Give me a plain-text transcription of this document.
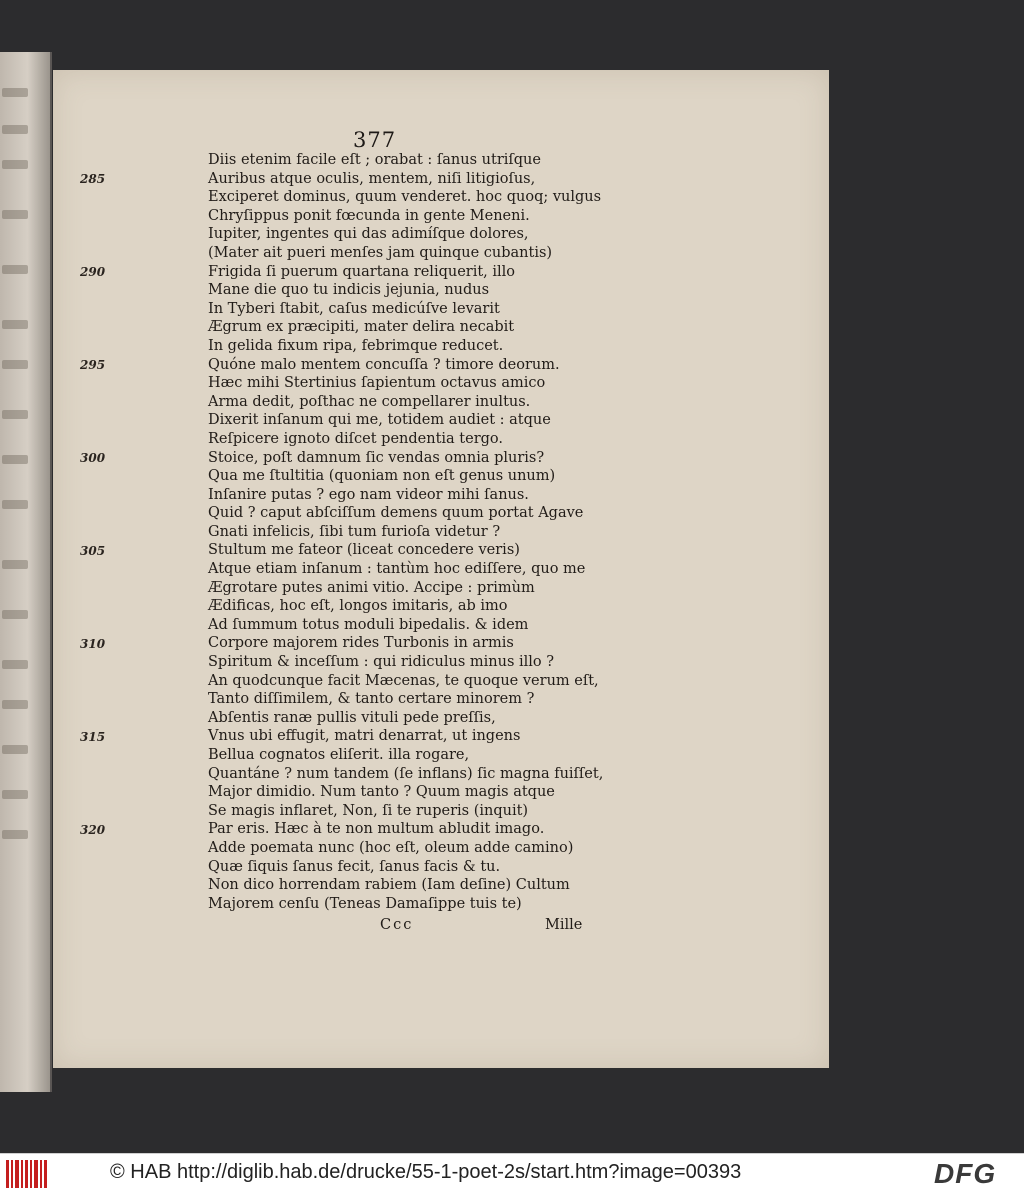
377
Diis etenim facile eſt ; orabat : ſanus utriſque
Auribus atque oculis, mentem, niſi litigioſus,
Exciperet dominus, quum venderet. hoc quoq; vulgus
Chryſippus ponit fœcunda in gente Meneni.
Iupiter, ingentes qui das adimíſque dolores,
(Mater ait pueri menſes jam quinque cubantis)
Frigida ſi puerum quartana reliquerit, illo
Mane die quo tu indicis jejunia, nudus
In Tyberi ſtabit, caſus medicúſve levarit
Ægrum ex præcipiti, mater delira necabit
In gelida fixum ripa, febrimque reducet.
Quóne malo mentem concuſſa ? timore deorum.
Hæc mihi Stertinius ſapientum octavus amico
Arma dedit, poſthac ne compellarer inultus.
Dixerit inſanum qui me, totidem audiet : atque
Reſpicere ignoto diſcet pendentia tergo.
Stoice, poſt damnum ſic vendas omnia pluris?
Qua me ſtultitia (quoniam non eſt genus unum)
Inſanire putas ? ego nam videor mihi ſanus.
Quid ? caput abſciſſum demens quum portat Agave
Gnati infelicis, ſibi tum furioſa videtur ?
Stultum me fateor (liceat concedere veris)
Atque etiam inſanum : tantùm hoc ediſſere, quo me
Ægrotare putes animi vitio. Accipe : primùm
Ædificas, hoc eſt, longos imitaris, ab imo
Ad ſummum totus moduli bipedalis. & idem
Corpore majorem rides Turbonis in armis
Spiritum & inceſſum : qui ridiculus minus illo ?
An quodcunque facit Mæcenas, te quoque verum eſt,
Tanto diſſimilem, & tanto certare minorem ?
Abſentis ranæ pullis vituli pede preſſis,
Vnus ubi effugit, matri denarrat, ut ingens
Bellua cognatos eliſerit. illa rogare,
Quantáne ? num tandem (ſe inflans) ſic magna fuiſſet,
Major dimidio. Num tanto ? Quum magis atque
Se magis inflaret, Non, ſi te ruperis (inquit)
Par eris. Hæc à te non multum abludit imago.
Adde poemata nunc (hoc eſt, oleum adde camino)
Quæ ſiquis ſanus fecit, ſanus facis & tu.
Non dico horrendam rabiem (Iam deſine) Cultum
Majorem cenſu (Teneas Damaſippe tuis te)
285
290
295
300
305
310
315
320
Ccc	Mille
© HAB http://diglib.hab.de/drucke/55-1-poet-2s/start.htm?image=00393	DFG
